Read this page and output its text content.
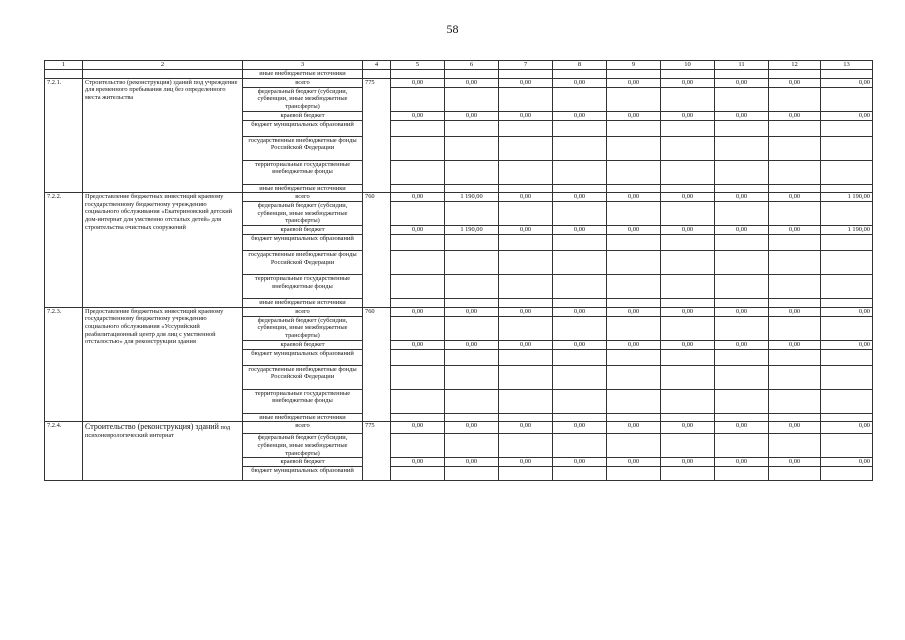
58
1	2	3	4	5	6	7	8	9	10	11	12	13
		иные внебюджетные источники										
7.2.1.	Строительство (реконструкция) зданий под учреждение для временного пребывания лиц без определенного места жительства	всего	775	0,00	0,00	0,00	0,00	0,00	0,00	0,00	0,00	0,00
		федеральный бюджет (субсидии, субвенции, иные межбюджетные трансферты)										
		краевой бюджет		0,00	0,00	0,00	0,00	0,00	0,00	0,00	0,00	0,00
		бюджет муниципальных образований										
		государственные внебюджетные фонды Российской Федерации										
		территориальные государственные внебюджетные фонды										
		иные внебюджетные источники										
7.2.2.	Предоставление бюджетных инвестиций краевому государственному бюджетному учреждению социального обслуживания «Екатериновский детский дом-интернат для умственно отсталых детей» для строительства очистных сооружений	всего	760	0,00	1 190,00	0,00	0,00	0,00	0,00	0,00	0,00	1 190,00
		федеральный бюджет (субсидии, субвенции, иные межбюджетные трансферты)										
		краевой бюджет		0,00	1 190,00	0,00	0,00	0,00	0,00	0,00	0,00	1 190,00
		бюджет муниципальных образований										
		государственные внебюджетные фонды Российской Федерации										
		территориальные государственные внебюджетные фонды										
		иные внебюджетные источники										
7.2.3.	Предоставление бюджетных инвестиций краевому государственному бюджетному учреждению социального обслуживания «Уссурийский реабилитационный центр для лиц с умственной отсталостью» для реконструкции здания	всего	760	0,00	0,00	0,00	0,00	0,00	0,00	0,00	0,00	0,00
		федеральный бюджет (субсидии, субвенции, иные межбюджетные трансферты)										
		краевой бюджет		0,00	0,00	0,00	0,00	0,00	0,00	0,00	0,00	0,00
		бюджет муниципальных образований										
		государственные внебюджетные фонды Российской Федерации										
		территориальные государственные внебюджетные фонды										
		иные внебюджетные источники										
7.2.4.	Строительство (реконструкция) зданий под психоневрологический интернат	всего	775	0,00	0,00	0,00	0,00	0,00	0,00	0,00	0,00	0,00
		федеральный бюджет (субсидии, субвенции, иные межбюджетные трансферты)										
		краевой бюджет		0,00	0,00	0,00	0,00	0,00	0,00	0,00	0,00	0,00
		бюджет муниципальных образований										
